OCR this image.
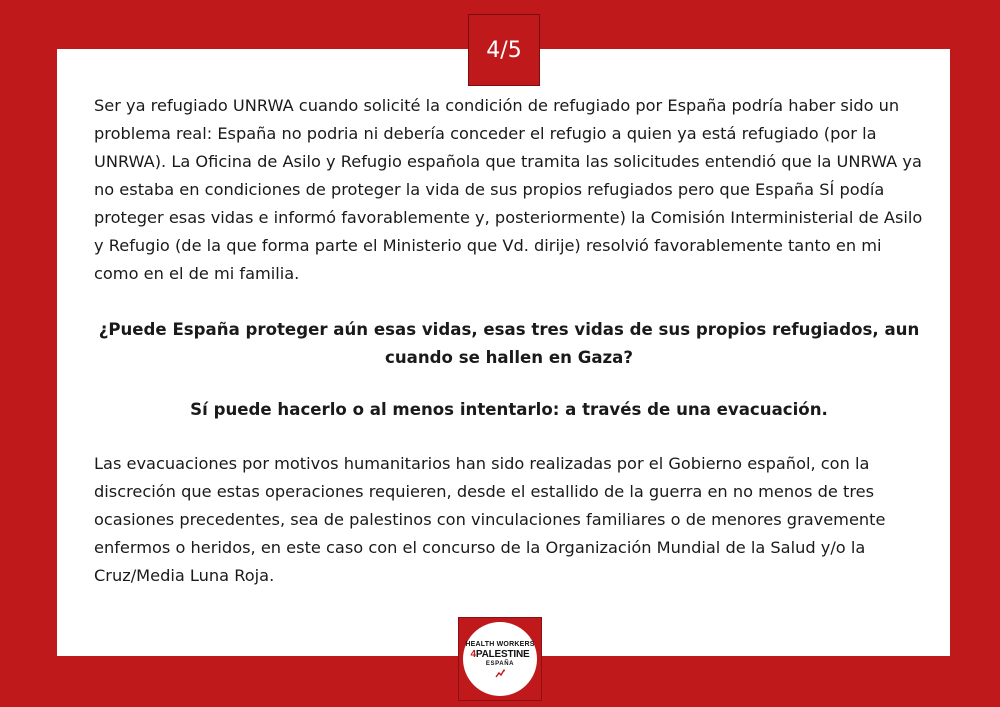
4/5

Ser ya refugiado UNRWA cuando solicité la condición de refugiado por España podría haber sido un problema real: España no podria ni debería conceder el refugio a quien ya está refugiado (por la UNRWA). La Oficina de Asilo y Refugio española que tramita las solicitudes entendió que la UNRWA ya no estaba en condiciones de proteger la vida de sus propios refugiados pero que España SÍ podía proteger esas vidas e informó favorablemente y, posteriormente) la Comisión Interministerial de Asilo y Refugio (de la que forma parte el Ministerio que Vd. dirije) resolvió favorablemente tanto en mi como en el de mi familia.

¿Puede España proteger aún esas vidas, esas tres vidas de sus propios refugiados, aun cuando se hallen en Gaza?

Sí puede hacerlo o al menos intentarlo: a través de una evacuación.

Las evacuaciones por motivos humanitarios han sido realizadas por el Gobierno español, con la discreción que estas operaciones requieren, desde el estallido de la guerra en no menos de tres ocasiones precedentes, sea de palestinos con vinculaciones familiares o de menores gravemente enfermos o heridos, en este caso con el concurso de la Organización Mundial de la Salud y/o la Cruz/Media Luna Roja.

HEALTH WORKERS
4PALESTINE
ESPAÑA
